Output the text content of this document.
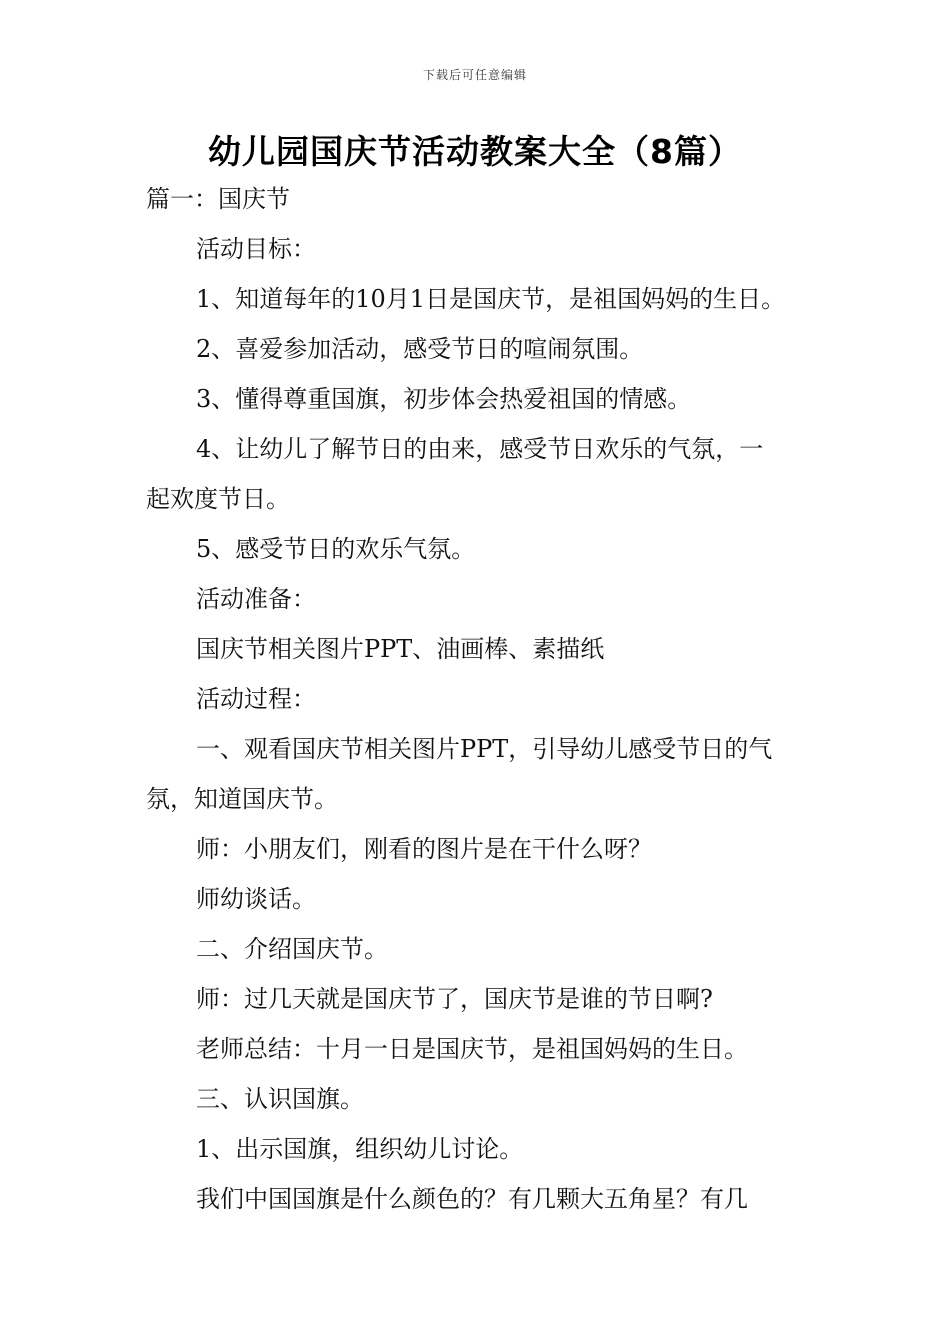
下载后可任意编辑
幼儿园国庆节活动教案大全（8篇）
篇一：国庆节
活动目标：
1、知道每年的10月1日是国庆节，是祖国妈妈的生日。
2、喜爱参加活动，感受节日的喧闹氛围。
3、懂得尊重国旗，初步体会热爱祖国的情感。
4、让幼儿了解节日的由来，感受节日欢乐的气氛，一
起欢度节日。
5、感受节日的欢乐气氛。
活动准备：
国庆节相关图片PPT、油画棒、素描纸
活动过程：
一、观看国庆节相关图片PPT，引导幼儿感受节日的气
氛，知道国庆节。
师：小朋友们，刚看的图片是在干什么呀？
师幼谈话。
二、介绍国庆节。
师：过几天就是国庆节了，国庆节是谁的节日啊?
老师总结：十月一日是国庆节，是祖国妈妈的生日。
三、认识国旗。
1、出示国旗，组织幼儿讨论。
我们中国国旗是什么颜色的？有几颗大五角星？有几
